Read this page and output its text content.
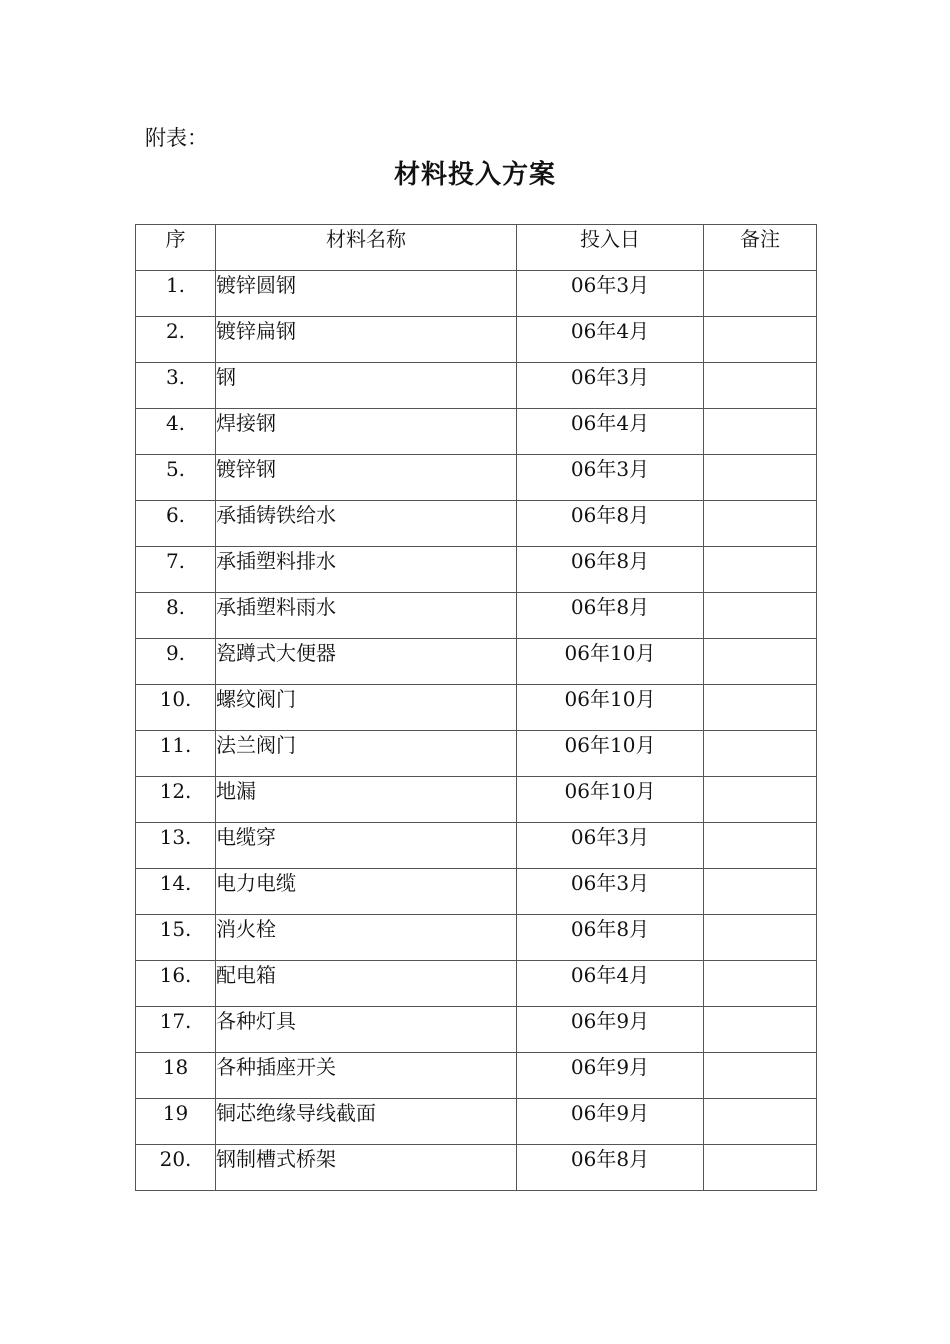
附表：
材料投入方案
序	材料名称	投入日	备注
1.	镀锌圆钢	06年3月	
2.	镀锌扁钢	06年4月	
3.	钢	06年3月	
4.	焊接钢	06年4月	
5.	镀锌钢	06年3月	
6.	承插铸铁给水	06年8月	
7.	承插塑料排水	06年8月	
8.	承插塑料雨水	06年8月	
9.	瓷蹲式大便器	06年10月	
10.	螺纹阀门	06年10月	
11.	法兰阀门	06年10月	
12.	地漏	06年10月	
13.	电缆穿	06年3月	
14.	电力电缆	06年3月	
15.	消火栓	06年8月	
16.	配电箱	06年4月	
17.	各种灯具	06年9月	
18	各种插座开关	06年9月	
19	铜芯绝缘导线截面	06年9月	
20.	钢制槽式桥架	06年8月	
